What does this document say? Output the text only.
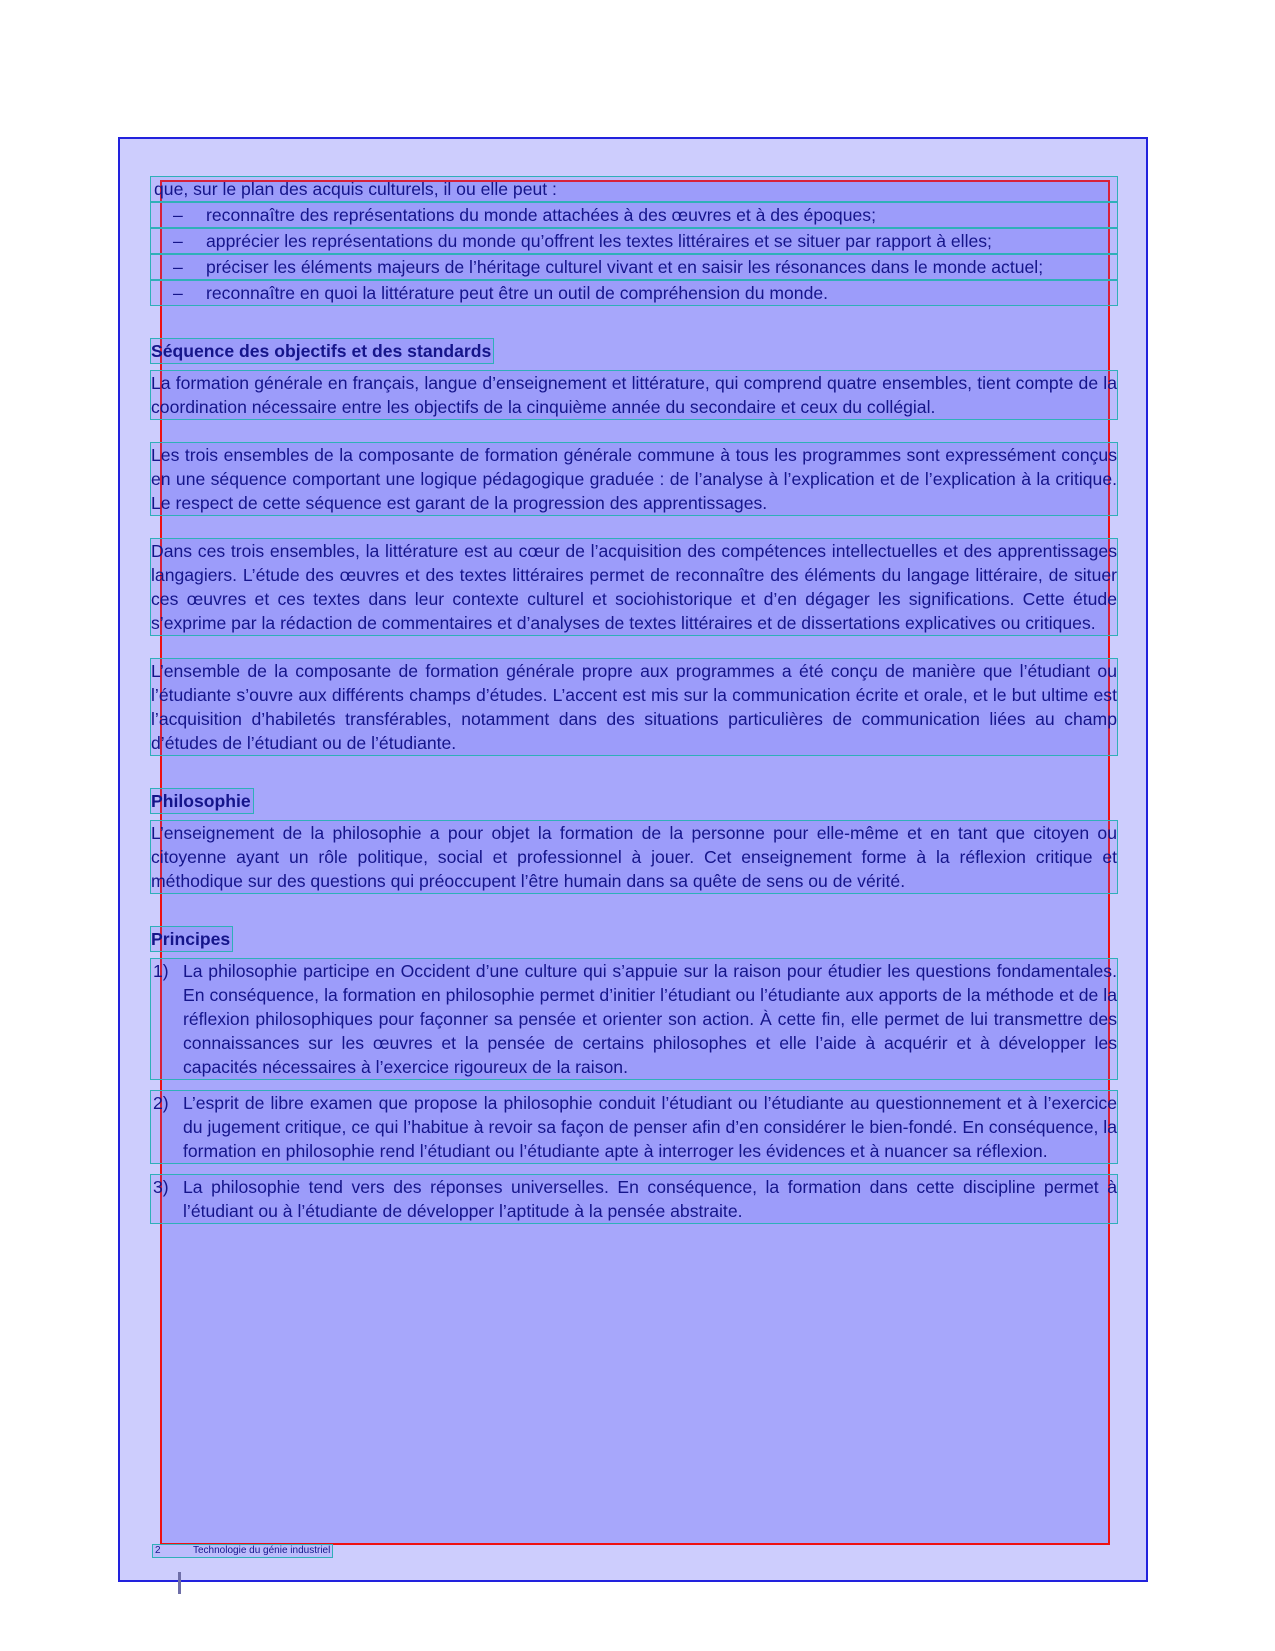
que, sur le plan des acquis culturels, il ou elle peut :

– reconnaître des représentations du monde attachées à des œuvres et à des époques;
– apprécier les représentations du monde qu’offrent les textes littéraires et se situer par rapport à elles;
– préciser les éléments majeurs de l’héritage culturel vivant et en saisir les résonances dans le monde actuel;
– reconnaître en quoi la littérature peut être un outil de compréhension du monde.
Séquence des objectifs et des standards

La formation générale en français, langue d’enseignement et littérature, qui comprend quatre ensembles, tient compte de la coordination nécessaire entre les objectifs de la cinquième année du secondaire et ceux du collégial.

Les trois ensembles de la composante de formation générale commune à tous les programmes sont expressément conçus en une séquence comportant une logique pédagogique graduée : de l’analyse à l’explication et de l’explication à la critique. Le respect de cette séquence est garant de la progression des apprentissages.

Dans ces trois ensembles, la littérature est au cœur de l’acquisition des compétences intellectuelles et des apprentissages langagiers. L’étude des œuvres et des textes littéraires permet de reconnaître des éléments du langage littéraire, de situer ces œuvres et ces textes dans leur contexte culturel et sociohistorique et d’en dégager les significations. Cette étude s’exprime par la rédaction de commentaires et d’analyses de textes littéraires et de dissertations explicatives ou critiques.

L’ensemble de la composante de formation générale propre aux programmes a été conçu de manière que l’étudiant ou l’étudiante s’ouvre aux différents champs d’études. L’accent est mis sur la communication écrite et orale, et le but ultime est l’acquisition d’habiletés transférables, notamment dans des situations particulières de communication liées au champ d’études de l’étudiant ou de l’étudiante.

Philosophie

L’enseignement de la philosophie a pour objet la formation de la personne pour elle-même et en tant que citoyen ou citoyenne ayant un rôle politique, social et professionnel à jouer. Cet enseignement forme à la réflexion critique et méthodique sur des questions qui préoccupent l’être humain dans sa quête de sens ou de vérité.

Principes
1) La philosophie participe en Occident d’une culture qui s’appuie sur la raison pour étudier les questions fondamentales. En conséquence, la formation en philosophie permet d’initier l’étudiant ou l’étudiante aux apports de la méthode et de la réflexion philosophiques pour façonner sa pensée et orienter son action. À cette fin, elle permet de lui transmettre des connaissances sur les œuvres et la pensée de certains philosophes et elle l’aide à acquérir et à développer les capacités nécessaires à l’exercice rigoureux de la raison.
2) L’esprit de libre examen que propose la philosophie conduit l’étudiant ou l’étudiante au questionnement et à l’exercice du jugement critique, ce qui l’habitue à revoir sa façon de penser afin d’en considérer le bien-fondé. En conséquence, la formation en philosophie rend l’étudiant ou l’étudiante apte à interroger les évidences et à nuancer sa réflexion.
3) La philosophie tend vers des réponses universelles. En conséquence, la formation dans cette discipline permet à l’étudiant ou à l’étudiante de développer l’aptitude à la pensée abstraite.
2	Technologie du génie industriel
